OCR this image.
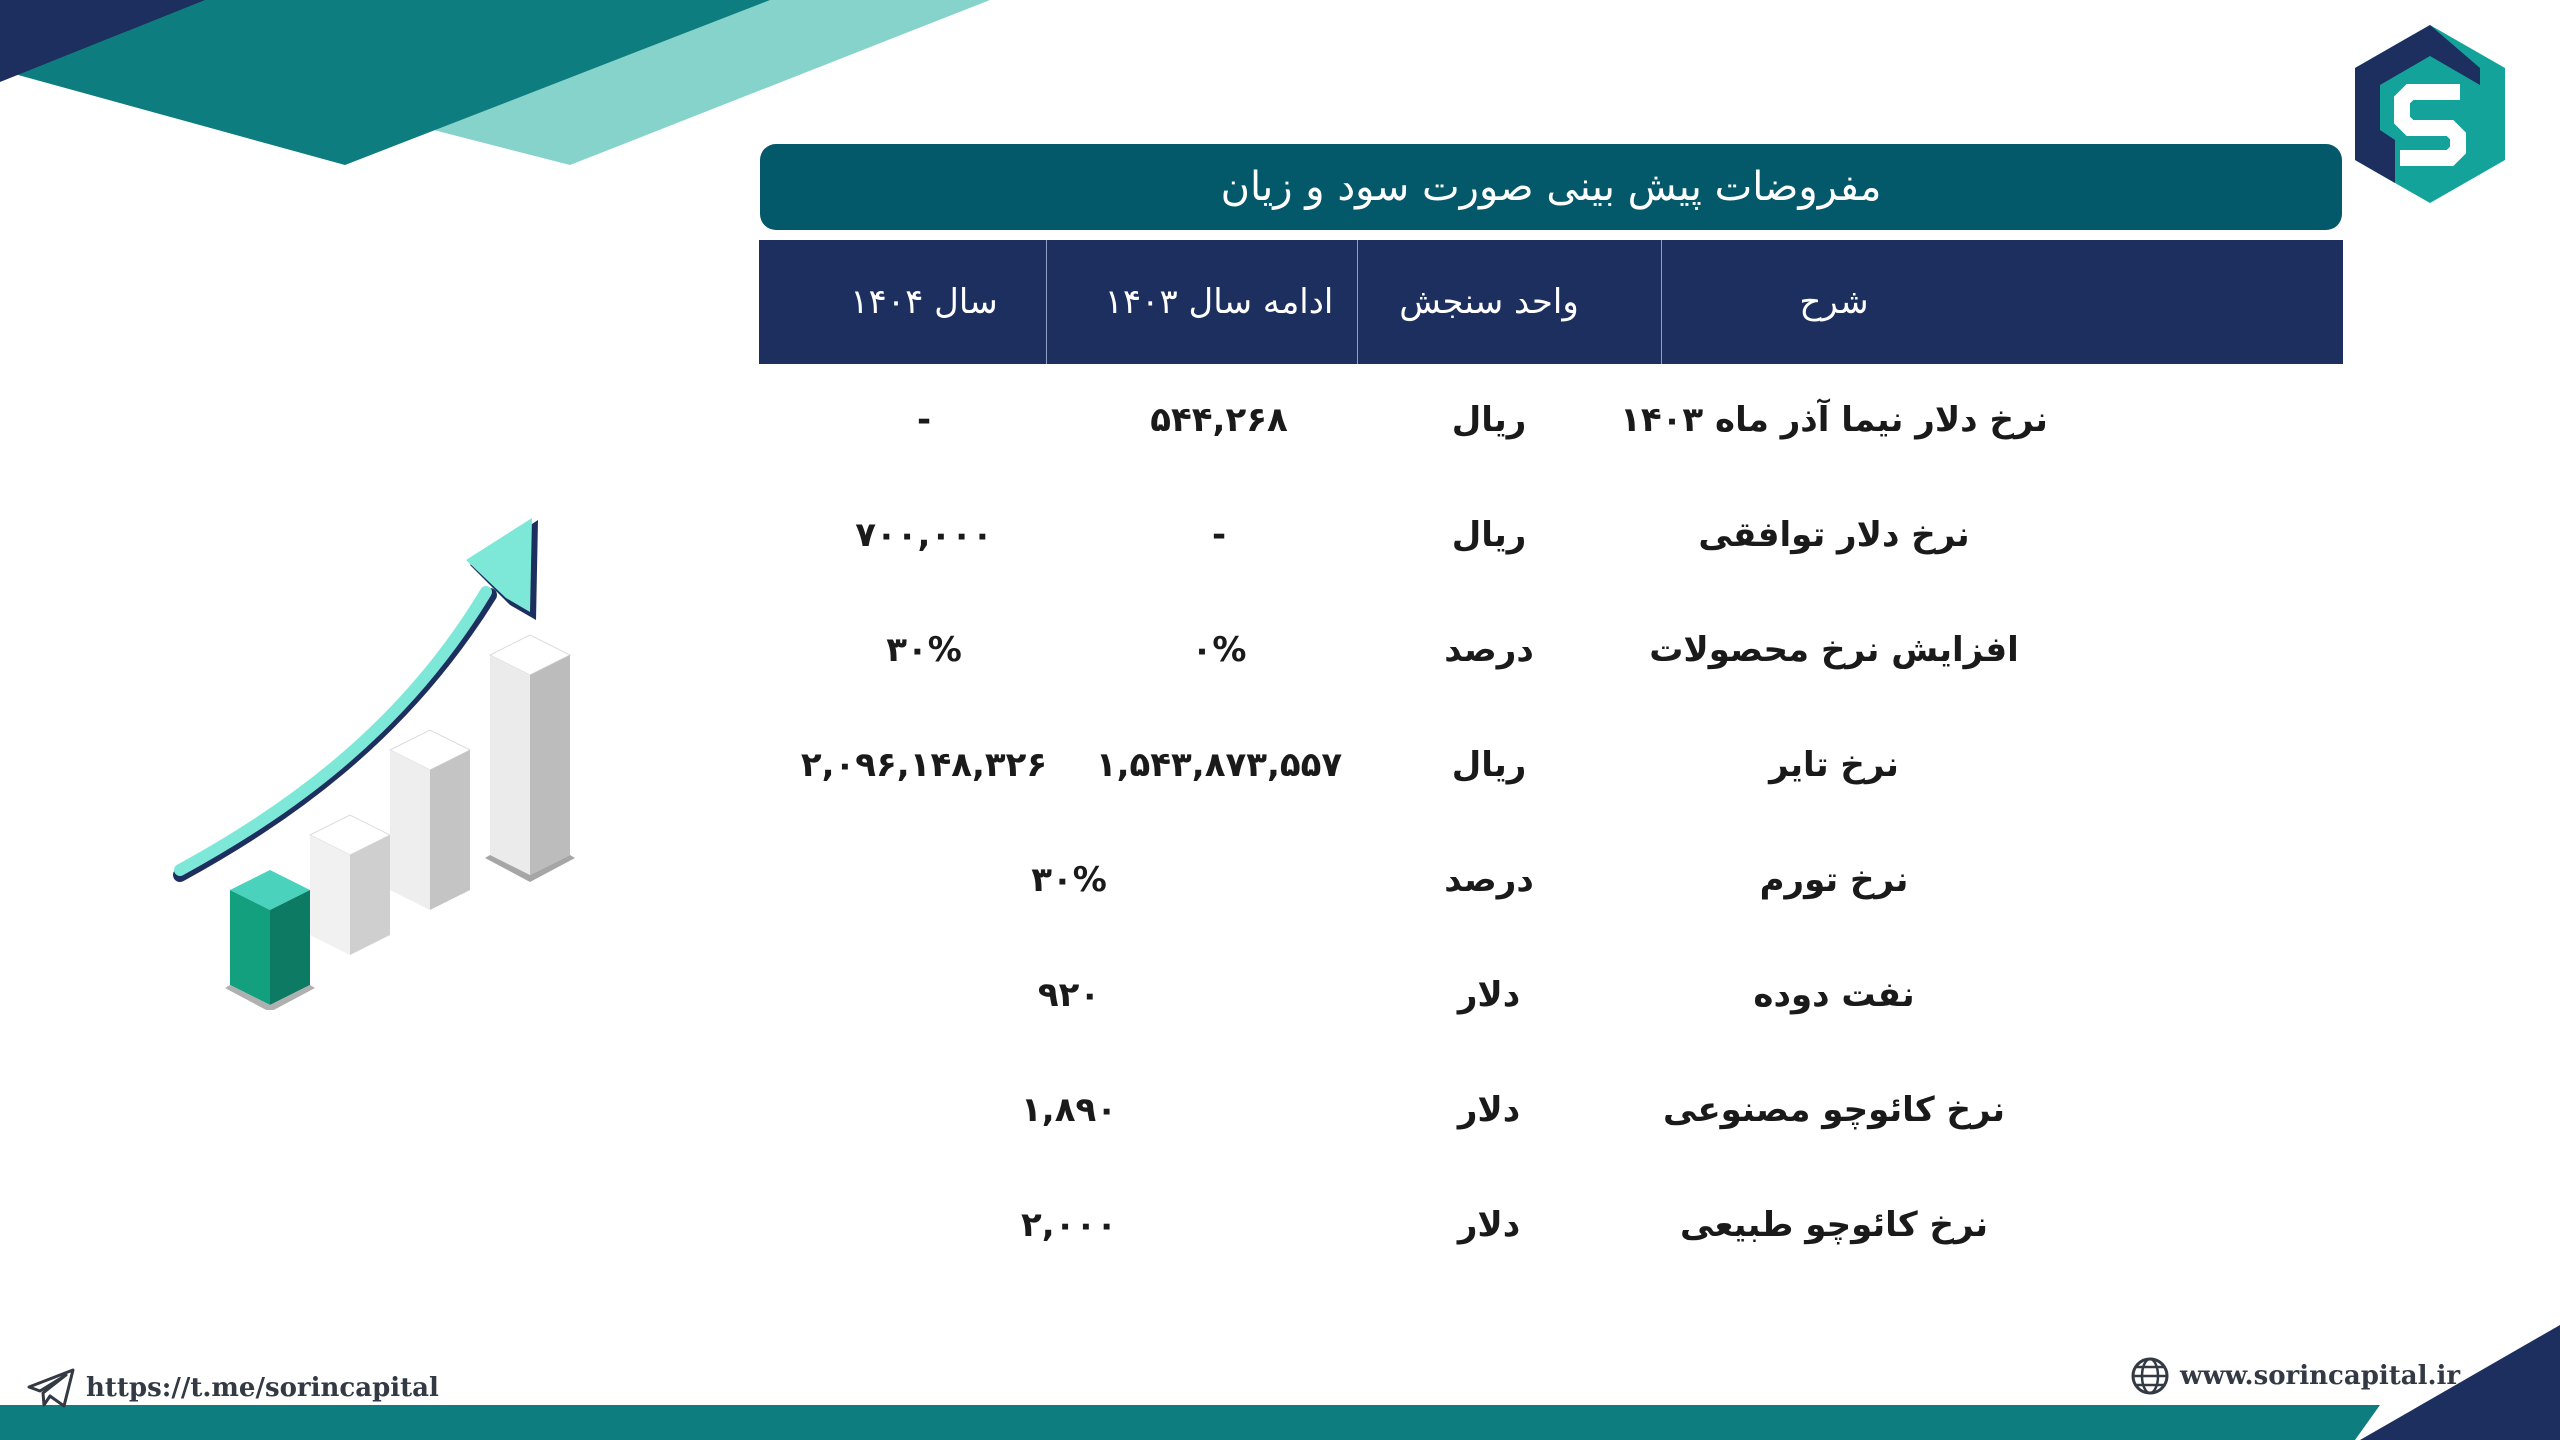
مفروضات پیش بینی صورت سود و زیان
شرح
واحد سنجش
ادامه سال ۱۴۰۳
سال ۱۴۰۴
نرخ دلار نیما آذر ماه ۱۴۰۳
ریال
۵۴۴,۲۶۸
-
نرخ دلار توافقی
ریال
-
۷۰۰,۰۰۰
افزایش نرخ محصولات
درصد
۰%
۳۰%
نرخ تایر
ریال
۱,۵۴۳,۸۷۳,۵۵۷
۲,۰۹۶,۱۴۸,۳۲۶
نرخ تورم
درصد
۳۰%
نفت دوده
دلار
۹۲۰
نرخ کائوچو مصنوعی
دلار
۱,۸۹۰
نرخ کائوچو طبیعی
دلار
۲,۰۰۰
https://t.me/sorincapital	www.sorincapital.ir
